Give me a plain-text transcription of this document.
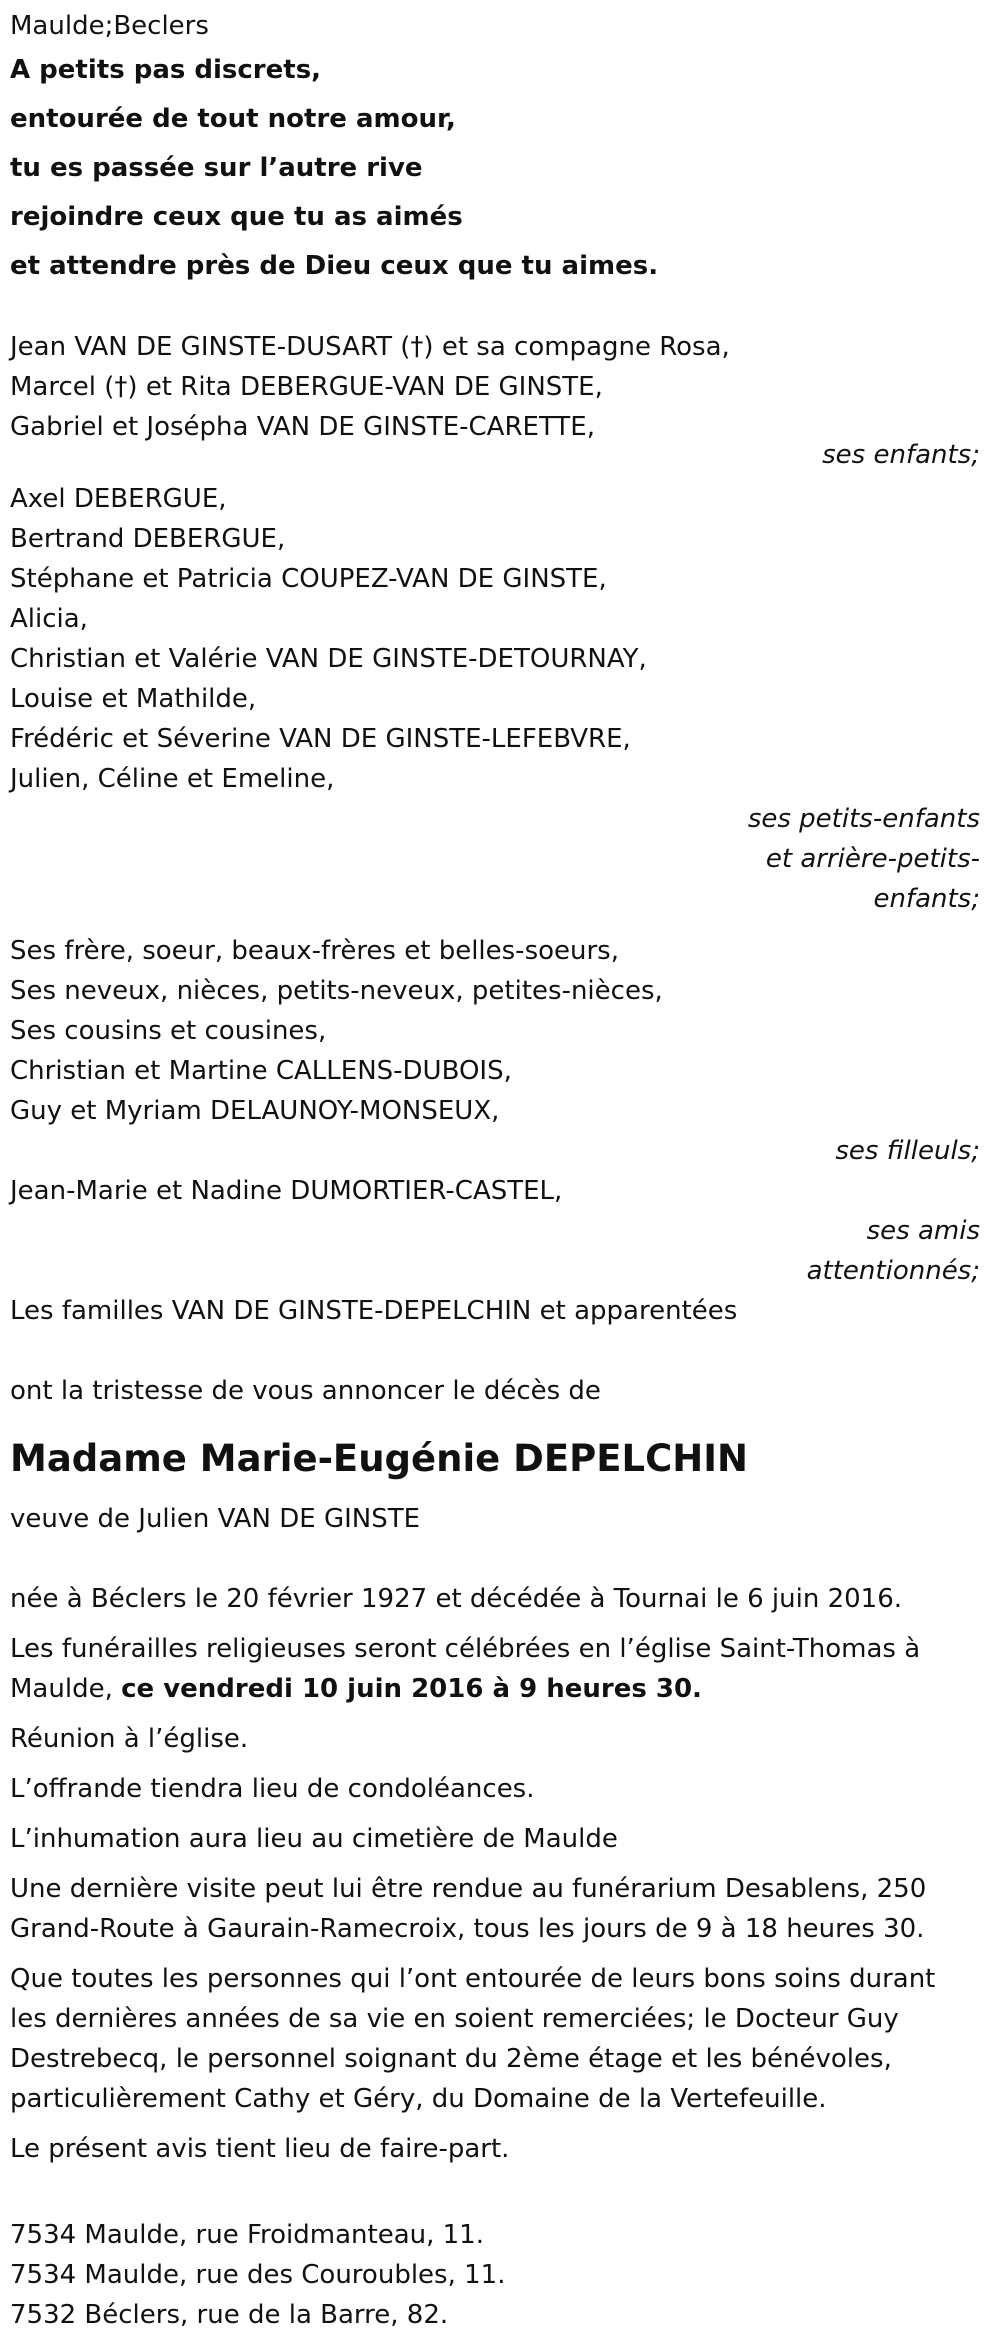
Maulde;Beclers
A petits pas discrets,
entourée de tout notre amour,
tu es passée sur l’autre rive
rejoindre ceux que tu as aimés
et attendre près de Dieu ceux que tu aimes.
Jean VAN DE GINSTE-DUSART (†) et sa compagne Rosa,
Marcel (†) et Rita DEBERGUE-VAN DE GINSTE,
Gabriel et Joséphа VAN DE GINSTE-CARETTE,
ses enfants;
Axel DEBERGUE,
Bertrand DEBERGUE,
Stéphane et Patricia COUPEZ-VAN DE GINSTE,
Alicia,
Christian et Valérie VAN DE GINSTE-DETOURNAY,
Louise et Mathilde,
Frédéric et Séverine VAN DE GINSTE-LEFEBVRE,
Julien, Céline et Emeline,
ses petits-enfants
et arrière-petits-
enfants;
Ses frère, soeur, beaux-frères et belles-soeurs,
Ses neveux, nièces, petits-neveux, petites-nièces,
Ses cousins et cousines,
Christian et Martine CALLENS-DUBOIS,
Guy et Myriam DELAUNOY-MONSEUX,
ses filleuls;
Jean-Marie et Nadine DUMORTIER-CASTEL,
ses amis
attentionnés;
Les familles VAN DE GINSTE-DEPELCHIN et apparentées
ont la tristesse de vous annoncer le décès de
Madame Marie-Eugénie DEPELCHIN
veuve de Julien VAN DE GINSTE
née à Béclers le 20 février 1927 et décédée à Tournai le 6 juin 2016.
Les funérailles religieuses seront célébrées en l’église Saint-Thomas à
Maulde, ce vendredi 10 juin 2016 à 9 heures 30.
Réunion à l’église.
L’offrande tiendra lieu de condoléances.
L’inhumation aura lieu au cimetière de Maulde
Une dernière visite peut lui être rendue au funérarium Desablens, 250
Grand-Route à Gaurain-Ramecroix, tous les jours de 9 à 18 heures 30.
Que toutes les personnes qui l’ont entourée de leurs bons soins durant
les dernières années de sa vie en soient remerciées; le Docteur Guy
Destrebecq, le personnel soignant du 2ème étage et les bénévoles,
particulièrement Cathy et Géry, du Domaine de la Vertefeuille.
Le présent avis tient lieu de faire-part.
7534 Maulde, rue Froidmanteau, 11.
7534 Maulde, rue des Couroubles, 11.
7532 Béclers, rue de la Barre, 82.
